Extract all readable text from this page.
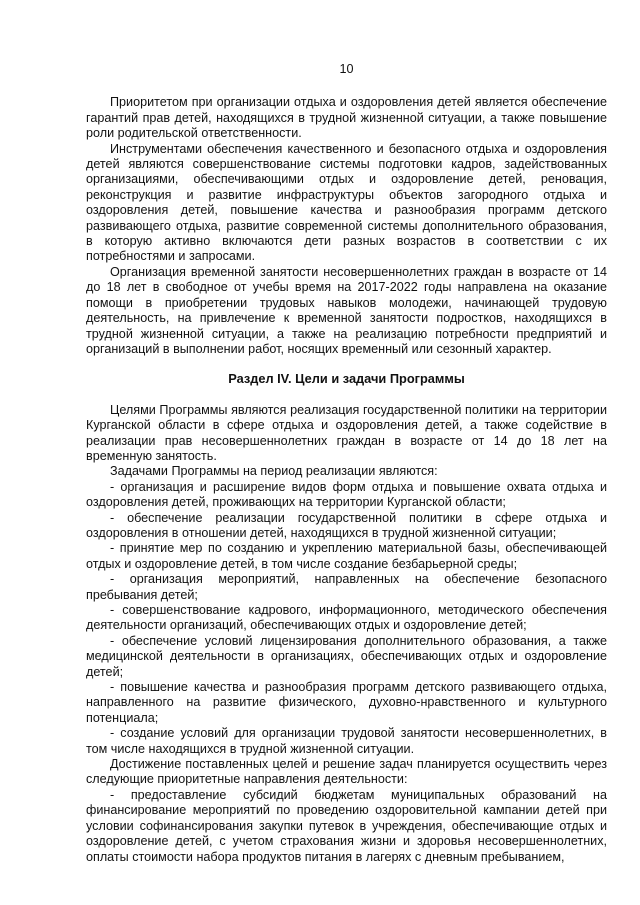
10

Приоритетом при организации отдыха и оздоровления детей является обеспечение гарантий прав детей, находящихся в трудной жизненной ситуации, а также повышение роли родительской ответственности.

Инструментами обеспечения качественного и безопасного отдыха и оздоровления детей являются совершенствование системы подготовки кадров, задействованных организациями, обеспечивающими отдых и оздоровление детей, реновация, реконструкция и развитие инфраструктуры объектов загородного отдыха и оздоровления детей, повышение качества и разнообразия программ детского развивающего отдыха, развитие современной системы дополнительного образования, в которую активно включаются дети разных возрастов в соответствии с их потребностями и запросами.

Организация временной занятости несовершеннолетних граждан в возрасте от 14 до 18 лет в свободное от учебы время на 2017-2022 годы направлена на оказание помощи в приобретении трудовых навыков молодежи, начинающей трудовую деятельность, на привлечение к временной занятости подростков, находящихся в трудной жизненной ситуации, а также на реализацию потребности предприятий и организаций в выполнении работ, носящих временный или сезонный характер.

Раздел IV. Цели и задачи Программы

Целями Программы являются реализация государственной политики на территории Курганской области в сфере отдыха и оздоровления детей, а также содействие в реализации прав несовершеннолетних граждан в возрасте от 14 до 18 лет на временную занятость.

Задачами Программы на период реализации являются:

- организация и расширение видов форм отдыха и повышение охвата отдыха и оздоровления детей, проживающих на территории Курганской области;

- обеспечение реализации государственной политики в сфере отдыха и оздоровления в отношении детей, находящихся в трудной жизненной ситуации;

- принятие мер по созданию и укреплению материальной базы, обеспечивающей отдых и оздоровление детей, в том числе создание безбарьерной среды;

- организация мероприятий, направленных на обеспечение безопасного пребывания детей;

- совершенствование кадрового, информационного, методического обеспечения деятельности организаций, обеспечивающих отдых и оздоровление детей;

- обеспечение условий лицензирования дополнительного образования, а также медицинской деятельности в организациях, обеспечивающих отдых и оздоровление детей;

- повышение качества и разнообразия программ детского развивающего отдыха, направленного на развитие физического, духовно-нравственного и культурного потенциала;

- создание условий для организации трудовой занятости несовершеннолетних, в том числе находящихся в трудной жизненной ситуации.

Достижение поставленных целей и решение задач планируется осуществить через следующие приоритетные направления деятельности:

- предоставление субсидий бюджетам муниципальных образований на финансирование мероприятий по проведению оздоровительной кампании детей при условии софинансирования закупки путевок в учреждения, обеспечивающие отдых и оздоровление детей, с учетом страхования жизни и здоровья несовершеннолетних, оплаты стоимости набора продуктов питания в лагерях с дневным пребыванием,
